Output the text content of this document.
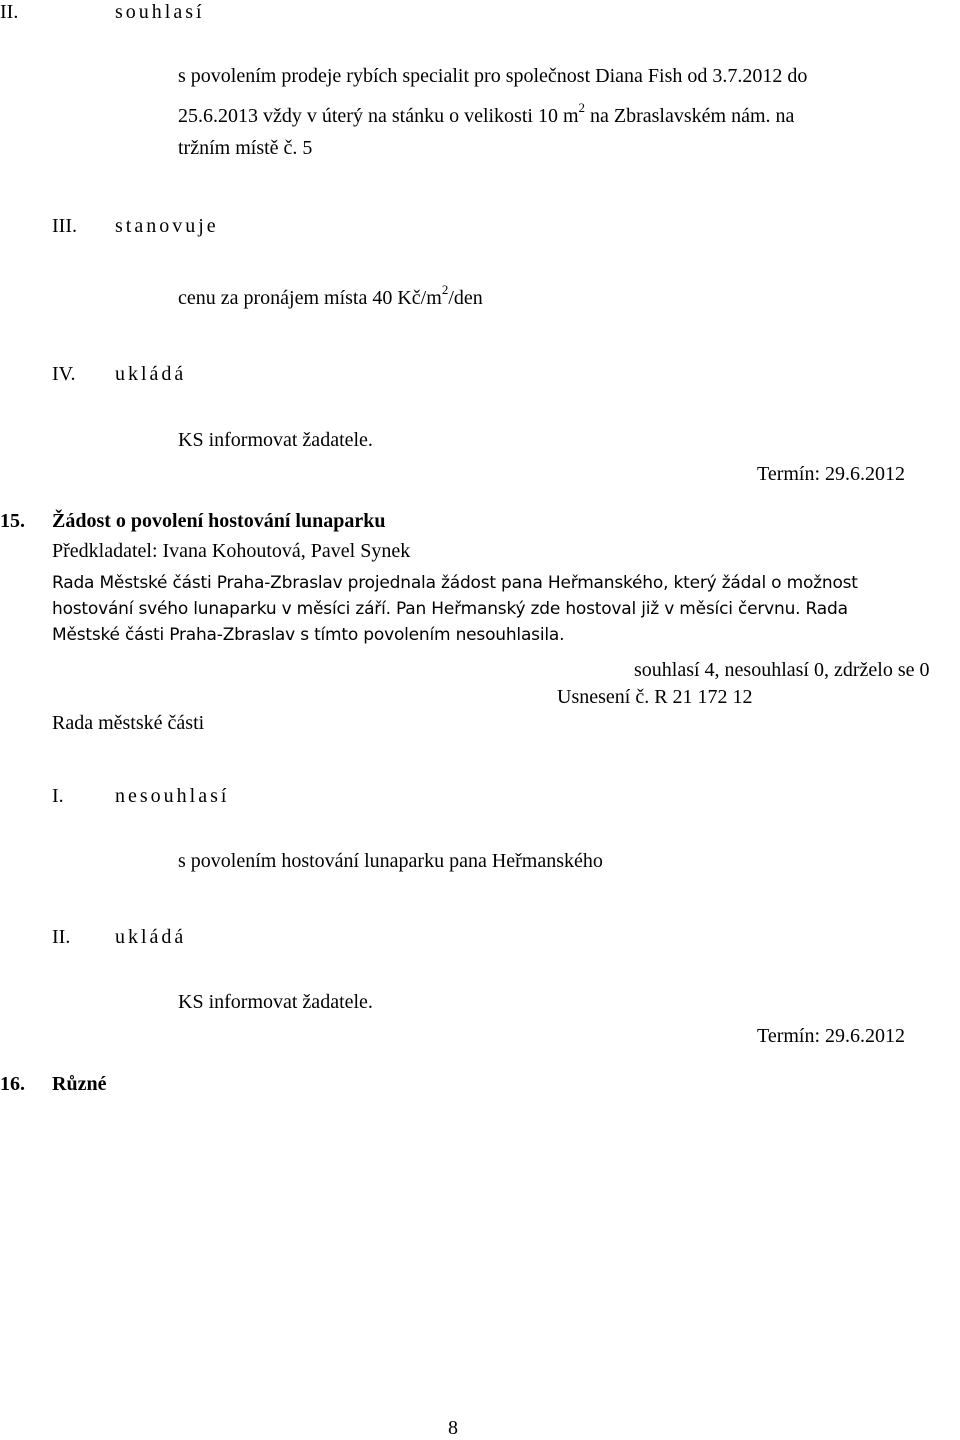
II.	souhlasí
s povolením prodeje rybích specialit pro společnost Diana Fish od 3.7.2012 do
25.6.2013 vždy v úterý na stánku o velikosti 10 $m^2$ na Zbraslavském nám. na
tržním místě č. 5
III. stanovuje
cenu za pronájem místa 40 $Kč/m^2$/den
IV. ukládá
KS informovat žadatele.
Termín: 29.6.2012
15. Žádost o povolení hostování lunaparku
Předkladatel: Ivana Kohoutová, Pavel Synek
Rada Městské části Praha-Zbraslav projednala žádost pana Heřmanského, který žádal o možnost
hostování svého lunaparku v měsíci září. Pan Heřmanský zde hostoval již v měsíci červnu. Rada
Městské části Praha-Zbraslav s tímto povolením nesouhlasila.
souhlasí 4, nesouhlasí 0, zdrželo se 0
Usnesení č. R 21 172 12
Rada městské části
I.	nesouhlasí
s povolením hostování lunaparku pana Heřmanského
II. ukládá
KS informovat žadatele.
Termín: 29.6.2012
16. Různé
8
